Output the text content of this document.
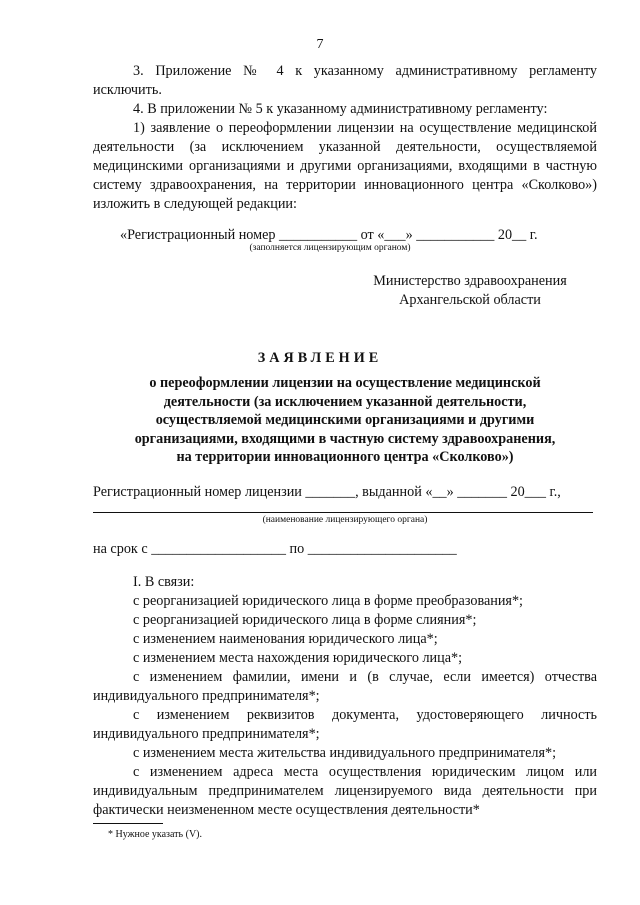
7
3. Приложение № 4 к указанному административному регламенту
исключить.
4. В приложении № 5 к указанному административному регламенту:
1) заявление о переоформлении лицензии на осуществление медицинской деятельности (за исключением указанной деятельности, осуществляемой медицинскими организациями и другими организациями, входящими в частную систему здравоохранения, на территории инновационного центра «Сколково») изложить в следующей редакции:
«Регистрационный номер ___________ от «___» ___________ 20__ г.
(заполняется лицензирующим органом)
Министерство здравоохранения
Архангельской области
ЗАЯВЛЕНИЕ
о переоформлении лицензии на осуществление медицинской
деятельности (за исключением указанной деятельности,
осуществляемой медицинскими организациями и другими
организациями, входящими в частную систему здравоохранения,
на территории инновационного центра «Сколково»)
Регистрационный номер лицензии _______, выданной «__» _______ 20___ г.,
(наименование лицензирующего органа)
на срок с ___________________ по _____________________
I. В связи:
с реорганизацией юридического лица в форме преобразования*;
с реорганизацией юридического лица в форме слияния*;
с изменением наименования юридического лица*;
с изменением места нахождения юридического лица*;
с изменением фамилии, имени и (в случае, если имеется) отчества индивидуального предпринимателя*;
с изменением реквизитов документа, удостоверяющего личность индивидуального предпринимателя*;
с изменением места жительства индивидуального предпринимателя*;
с изменением адреса места осуществления юридическим лицом или индивидуальным предпринимателем лицензируемого вида деятельности при фактически неизмененном месте осуществления деятельности*
* Нужное указать (V).
